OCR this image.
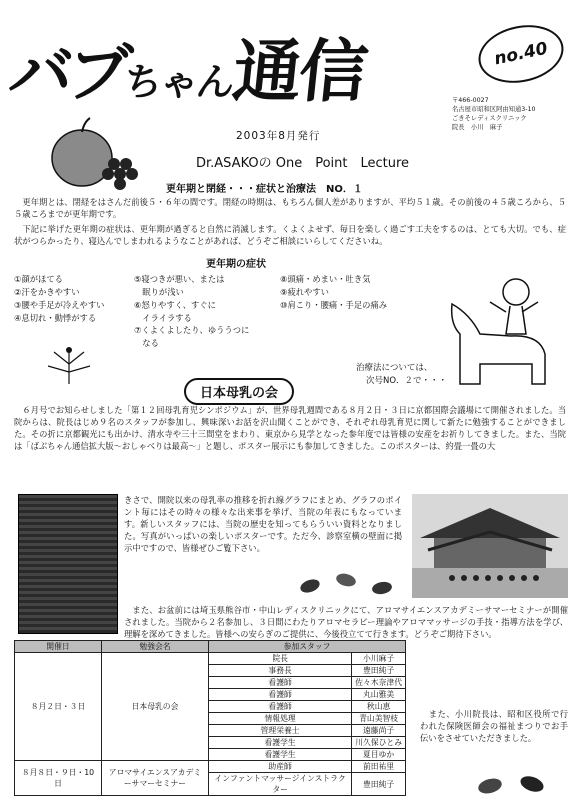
バブちゃん通信	no.40
〒466-0027
名古屋市昭和区阿由知通3-10
ごきそレディスクリニック
院長　小川　麻子
2003年8月発行
Dr.ASAKOの One　Point　Lecture
更年期と閉経・・・症状と治療法　NO．１
　更年期とは、閉経をはさんだ前後５・６年の間です。閉経の時期は、もちろん個人差がありますが、平均５１歳。その前後の４５歳ころから、５５歳ころまでが更年期です。
　下記に挙げた更年期の症状は、更年期が過ぎると自然に消滅します。くよくよせず、毎日を楽しく過ごす工夫をするのは、とても大切。でも、症状がつらかったり、寝込んでしまわれるようなことがあれば、どうぞご相談にいらしてくださいね。
更年期の症状
①顔がほてる
②汗をかきやすい
③腰や手足が冷えやすい
④息切れ・動悸がする
⑤寝つきが悪い、または
　眠りが浅い
⑥怒りやすく、すぐに
　イライラする
⑦くよくよしたり、ゆううつに
　なる
⑧頭痛・めまい・吐き気
⑨疲れやすい
⑩肩こり・腰痛・手足の痛み
治療法については、
次号NO．２で・・・
日本母乳の会
　６月号でお知らせしました「第１２回母乳育児シンポジウム」が、世界母乳週間である８月２日・３日に京都国際会議場にて開催されました。当院からは、院長はじめ９名のスタッフが参加し、興味深いお話を沢山聞くことができ、それぞれ母乳育児に関して新たに勉強することができました。その折に京都観光にも出かけ、清水寺や三十三間堂をまわり、東京から見学となった参年度では皆様の安産をお祈りしてきました。また、当院は「ばぶちゃん通信拡大版～おしゃべりは最高～」と題し、ポスター展示にも参加してきました。このポスターは、約畳一畳の大
きさで、開院以来の母乳率の推移を折れ線グラフにまとめ、グラフのポイント毎にはその時々の様々な出来事を挙げ、当院の年表にもなっています。新しいスタッフには、当院の歴史を知ってもらういい資料となりました。写真がいっぱいの楽しいポスターです。ただ今、診察室横の壁面に掲示中ですので、皆様ぜひご覧下さい。
　また、お盆前には埼玉県熊谷市・中山レディスクリニックにて、アロマサイエンスアカデミーサマーセミナーが開催されました。当院から２名参加し、３日間にわたりアロマセラピー理論やアロママッサージの手技・指導方法を学び、理解を深めてきました。皆様への安らぎのご提供に、今後役立てて行きます。どうぞご期待下さい。
開催日	勉強会名	参加スタッフ	
８月２日・３日	日本母乳の会	院長	小川麻子
		事務長	豊田純子
		看護師	佐々木奈津代
		看護師	丸山雅美
		看護師	秋山恵
		情報処理	青山美智枝
		管理栄養士	遠藤尚子
		看護学生	川久保ひとみ
		看護学生	夏目ゆか
８月８日・９日・10日	アロマサイエンスアカデミーサマーセミナー	助産師	前田祐里
		インファントマッサージインストラクター	豊田純子
　また、小川院長は、昭和区役所で行われた保険医師会の福祉まつりでお手伝いをさせていただきました。
